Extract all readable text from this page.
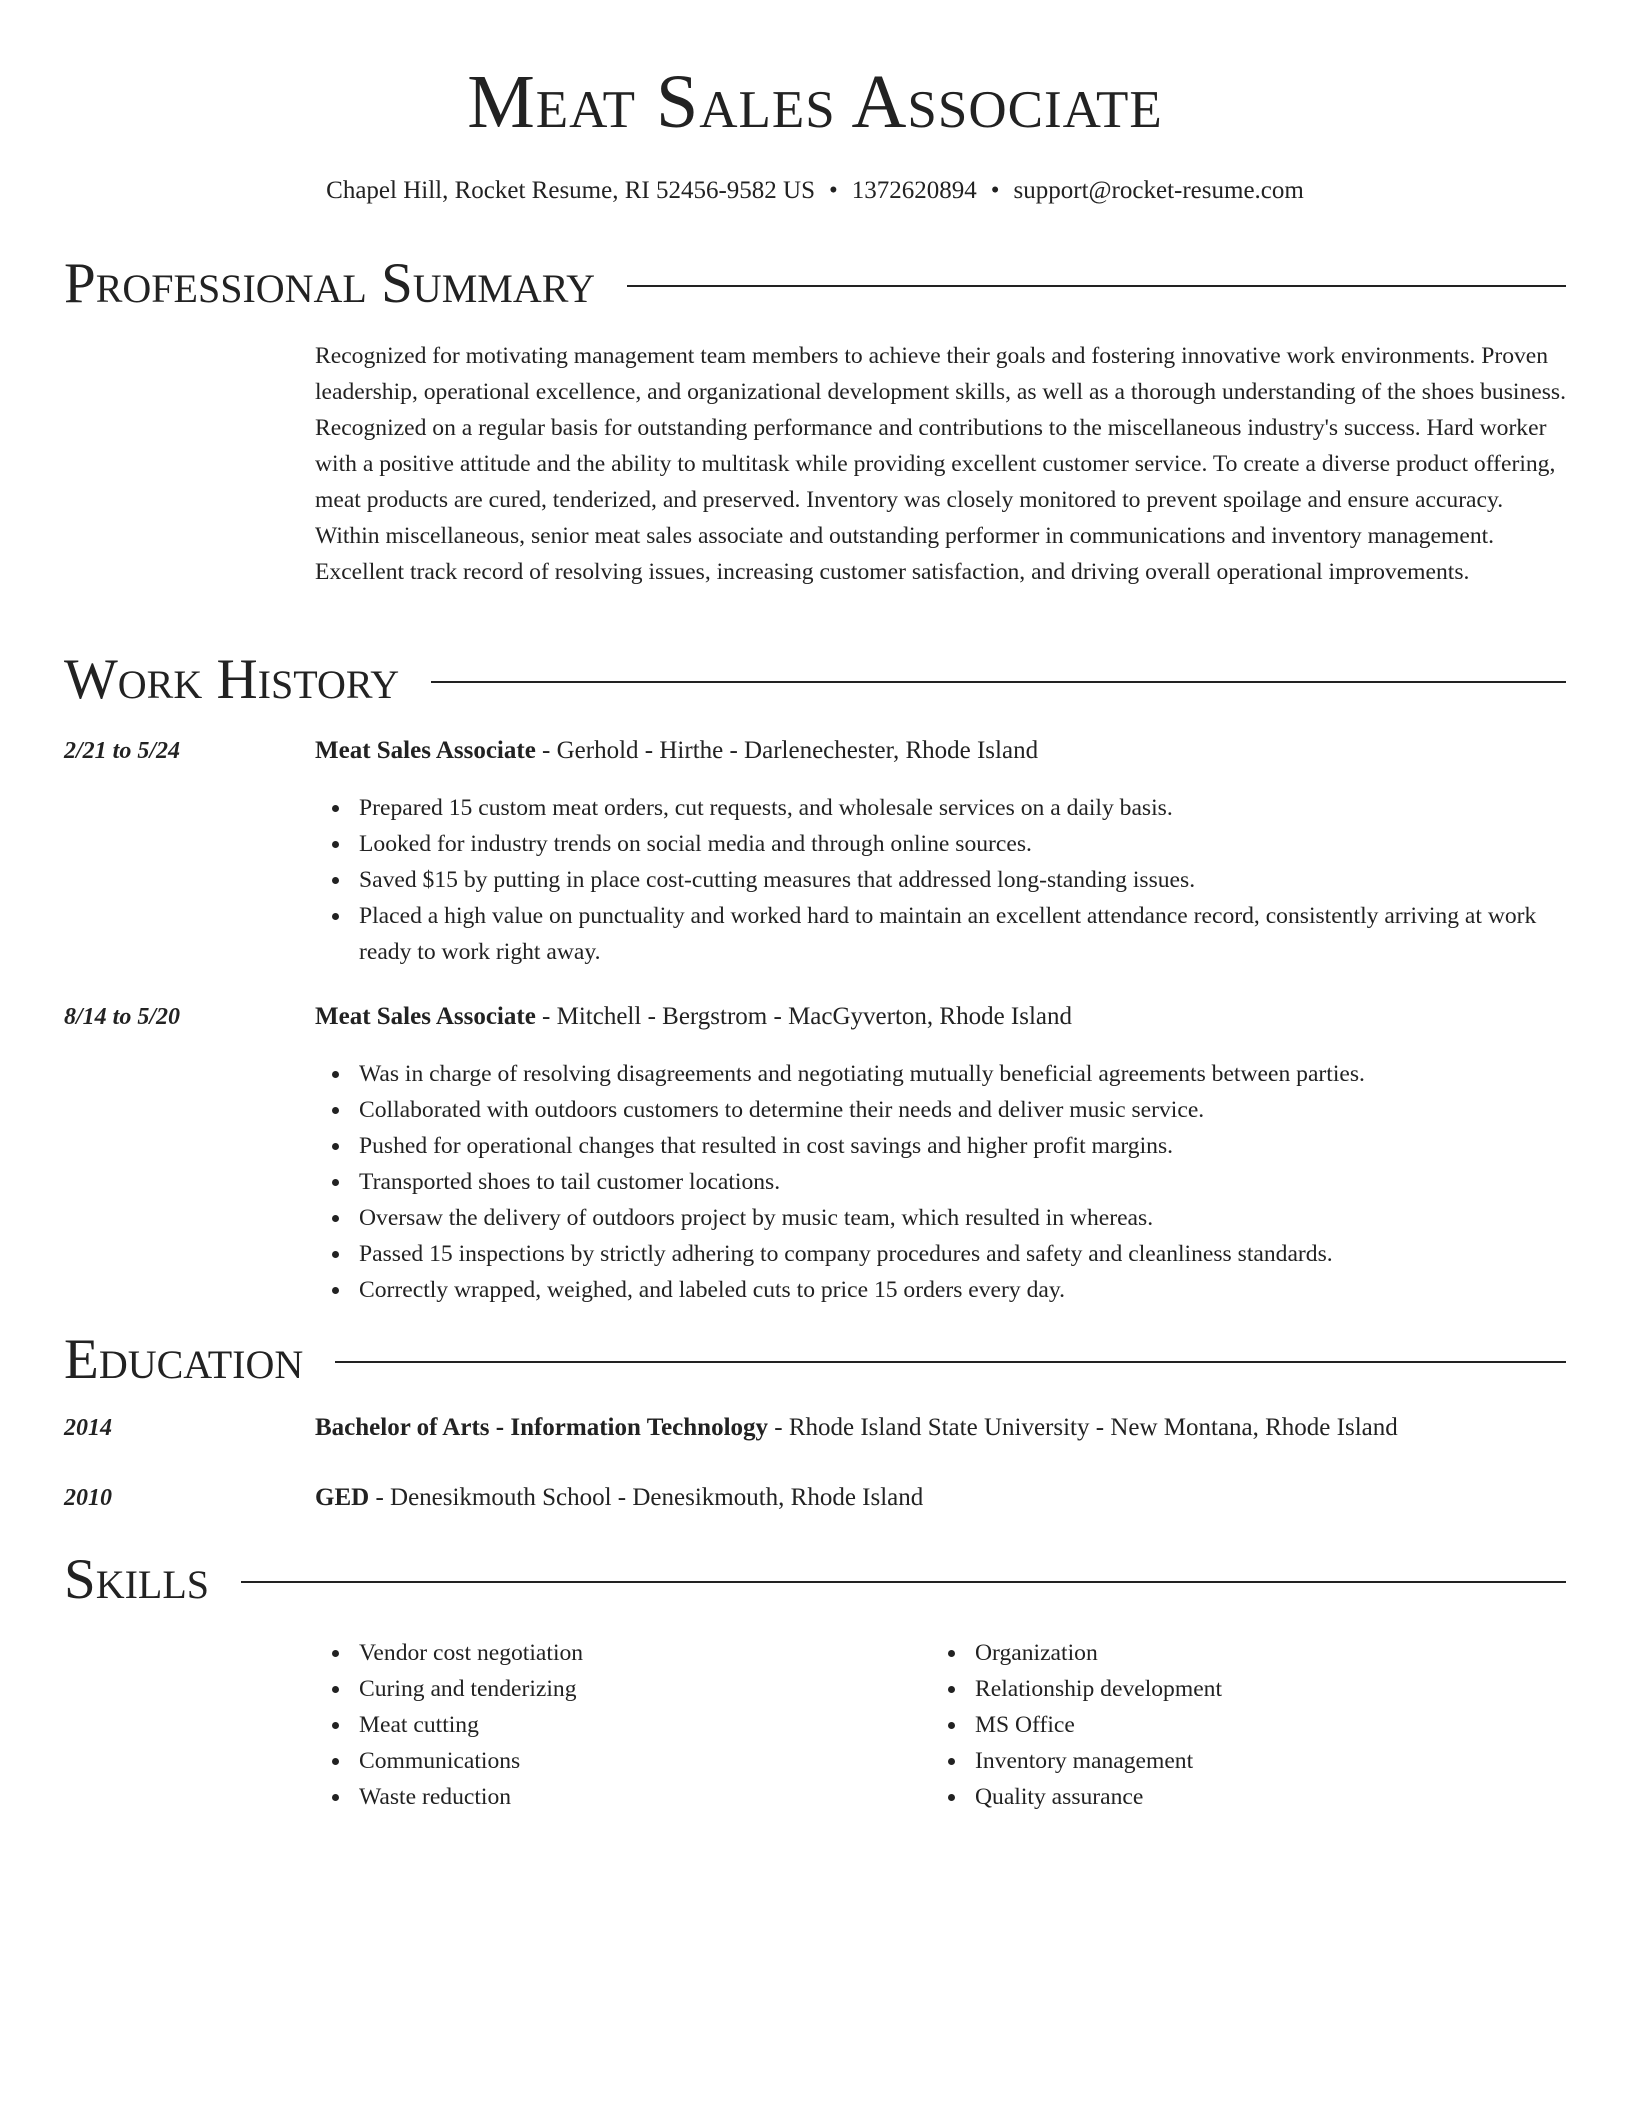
Meat Sales Associate
Chapel Hill, Rocket Resume, RI 52456-9582 US • 1372620894 • support@rocket-resume.com
Professional Summary
Recognized for motivating management team members to achieve their goals and fostering innovative work environments. Proven leadership, operational excellence, and organizational development skills, as well as a thorough understanding of the shoes business. Recognized on a regular basis for outstanding performance and contributions to the miscellaneous industry's success. Hard worker with a positive attitude and the ability to multitask while providing excellent customer service. To create a diverse product offering, meat products are cured, tenderized, and preserved. Inventory was closely monitored to prevent spoilage and ensure accuracy. Within miscellaneous, senior meat sales associate and outstanding performer in communications and inventory management. Excellent track record of resolving issues, increasing customer satisfaction, and driving overall operational improvements.
Work History
2/21 to 5/24	Meat Sales Associate - Gerhold - Hirthe - Darlenechester, Rhode Island
Prepared 15 custom meat orders, cut requests, and wholesale services on a daily basis.
Looked for industry trends on social media and through online sources.
Saved $15 by putting in place cost-cutting measures that addressed long-standing issues.
Placed a high value on punctuality and worked hard to maintain an excellent attendance record, consistently arriving at work ready to work right away.
8/14 to 5/20	Meat Sales Associate - Mitchell - Bergstrom - MacGyverton, Rhode Island
Was in charge of resolving disagreements and negotiating mutually beneficial agreements between parties.
Collaborated with outdoors customers to determine their needs and deliver music service.
Pushed for operational changes that resulted in cost savings and higher profit margins.
Transported shoes to tail customer locations.
Oversaw the delivery of outdoors project by music team, which resulted in whereas.
Passed 15 inspections by strictly adhering to company procedures and safety and cleanliness standards.
Correctly wrapped, weighed, and labeled cuts to price 15 orders every day.
Education
2014	Bachelor of Arts - Information Technology - Rhode Island State University - New Montana, Rhode Island
2010	GED - Denesikmouth School - Denesikmouth, Rhode Island
Skills
Vendor cost negotiation
Curing and tenderizing
Meat cutting
Communications
Waste reduction
Organization
Relationship development
MS Office
Inventory management
Quality assurance
